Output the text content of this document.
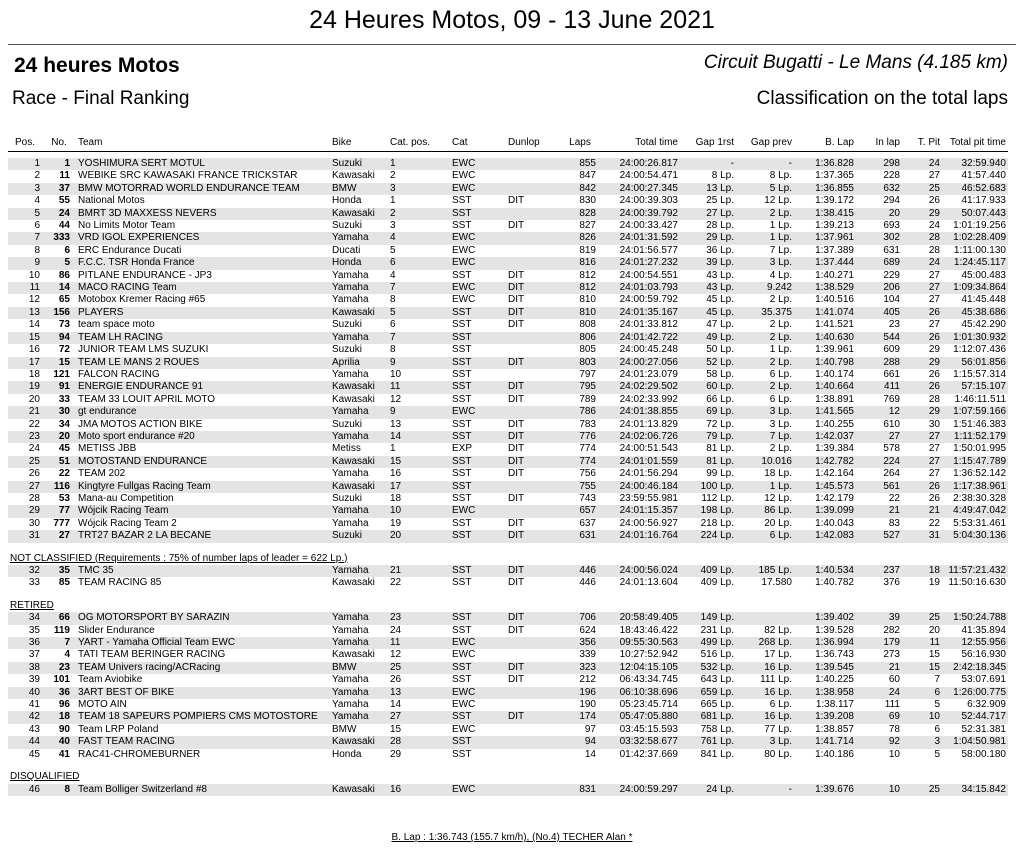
24 Heures Motos, 09 - 13 June 2021
24 heures Motos	Circuit Bugatti - Le Mans (4.185 km)
Race - Final Ranking	Classification on the total laps
Pos.	No.	Team	Bike	Cat. pos.	Cat	Dunlop	Laps	Total time	Gap 1rst	Gap prev	B. Lap	In lap	T. Pit	Total pit time

1	1	YOSHIMURA SERT MOTUL	Suzuki	1	EWC		855	24:00:26.817	-	-	1:36.828	298	24	32:59.940
2	11	WEBIKE SRC KAWASAKI FRANCE TRICKSTAR	Kawasaki	2	EWC		847	24:00:54.471	8 Lp.	8 Lp.	1:37.365	228	27	41:57.440
3	37	BMW MOTORRAD WORLD ENDURANCE TEAM	BMW	3	EWC		842	24:00:27.345	13 Lp.	5 Lp.	1:36.855	632	25	46:52.683
4	55	National Motos	Honda	1	SST	DIT	830	24:00:39.303	25 Lp.	12 Lp.	1:39.172	294	26	41:17.933
5	24	BMRT 3D MAXXESS NEVERS	Kawasaki	2	SST		828	24:00:39.792	27 Lp.	2 Lp.	1:38.415	20	29	50:07.443
6	44	No Limits Motor Team	Suzuki	3	SST	DIT	827	24:00:33.427	28 Lp.	1 Lp.	1:39.213	693	24	1:01:19.256
7	333	VRD IGOL EXPÉRIENCES	Yamaha	4	EWC		826	24:01:31.592	29 Lp.	1 Lp.	1:37.961	302	28	1:02:28.409
8	6	ERC Endurance Ducati	Ducati	5	EWC		819	24:01:56.577	36 Lp.	7 Lp.	1:37.389	631	28	1:11:00.130
9	5	F.C.C. TSR Honda France	Honda	6	EWC		816	24:01:27.232	39 Lp.	3 Lp.	1:37.444	689	24	1:24:45.117
10	86	PITLANE ENDURANCE - JP3	Yamaha	4	SST	DIT	812	24:00:54.551	43 Lp.	4 Lp.	1:40.271	229	27	45:00.483
11	14	MACO RACING Team	Yamaha	7	EWC	DIT	812	24:01:03.793	43 Lp.	9.242	1:38.529	206	27	1:09:34.864
12	65	Motobox Kremer Racing #65	Yamaha	8	EWC	DIT	810	24:00:59.792	45 Lp.	2 Lp.	1:40.516	104	27	41:45.448
13	156	PLAYERS	Kawasaki	5	SST	DIT	810	24:01:35.167	45 Lp.	35.375	1:41.074	405	26	45:38.686
14	73	team space moto	Suzuki	6	SST	DIT	808	24:01:33.812	47 Lp.	2 Lp.	1:41.521	23	27	45:42.290
15	94	TEAM LH RACING	Yamaha	7	SST		806	24:01:42.722	49 Lp.	2 Lp.	1:40.630	544	26	1:01:30.932
16	72	JUNIOR TEAM LMS SUZUKI	Suzuki	8	SST		805	24:00:45.248	50 Lp.	1 Lp.	1:39.961	609	29	1:12:07.436
17	15	TEAM LE MANS 2 ROUES	Aprilia	9	SST	DIT	803	24:00:27.056	52 Lp.	2 Lp.	1:40.798	288	29	56:01.856
18	121	FALCON RACING	Yamaha	10	SST		797	24:01:23.079	58 Lp.	6 Lp.	1:40.174	661	26	1:15:57.314
19	91	ENERGIE ENDURANCE 91	Kawasaki	11	SST	DIT	795	24:02:29.502	60 Lp.	2 Lp.	1:40.664	411	26	57:15.107
20	33	TEAM 33 LOUIT APRIL MOTO	Kawasaki	12	SST	DIT	789	24:02:33.992	66 Lp.	6 Lp.	1:38.891	769	28	1:46:11.511
21	30	gt endurance	Yamaha	9	EWC		786	24:01:38.855	69 Lp.	3 Lp.	1:41.565	12	29	1:07:59.166
22	34	JMA MOTOS ACTION BIKE	Suzuki	13	SST	DIT	783	24:01:13.829	72 Lp.	3 Lp.	1:40.255	610	30	1:51:46.383
23	20	Moto sport endurance #20	Yamaha	14	SST	DIT	776	24:02:06.726	79 Lp.	7 Lp.	1:42.037	27	27	1:11:52.179
24	45	METISS JBB	Metiss	1	EXP	DIT	774	24:00:51.543	81 Lp.	2 Lp.	1:39.384	578	27	1:50:01.995
25	51	MOTOSTAND ENDURANCE	Kawasaki	15	SST	DIT	774	24:01:01.559	81 Lp.	10.016	1:42.782	224	27	1:15:47.789
26	22	TEAM 202	Yamaha	16	SST	DIT	756	24:01:56.294	99 Lp.	18 Lp.	1:42.164	264	27	1:36:52.142
27	116	Kingtyre Fullgas Racing Team	Kawasaki	17	SST		755	24:00:46.184	100 Lp.	1 Lp.	1:45.573	561	26	1:17:38.961
28	53	Mana-au Competition	Suzuki	18	SST	DIT	743	23:59:55.981	112 Lp.	12 Lp.	1:42.179	22	26	2:38:30.328
29	77	Wójcik Racing Team	Yamaha	10	EWC		657	24:01:15.357	198 Lp.	86 Lp.	1:39.099	21	21	4:49:47.042
30	777	Wójcik Racing Team 2	Yamaha	19	SST	DIT	637	24:00:56.927	218 Lp.	20 Lp.	1:40.043	83	22	5:53:31.461
31	27	TRT27 BAZAR 2 LA BECANE	Suzuki	20	SST	DIT	631	24:01:16.764	224 Lp.	6 Lp.	1:42.083	527	31	5:04:30.136

NOT CLASSIFIED (Requirements : 75% of number laps of leader = 622 Lp.)														
32	35	TMC 35	Yamaha	21	SST	DIT	446	24:00:56.024	409 Lp.	185 Lp.	1:40.534	237	18	11:57:21.432
33	85	TEAM RACING 85	Kawasaki	22	SST	DIT	446	24:01:13.604	409 Lp.	17.580	1:40.782	376	19	11:50:16.630

RETIRED														
34	66	OG MOTORSPORT BY SARAZIN	Yamaha	23	SST	DIT	706	20:58:49.405	149 Lp.		1:39.402	39	25	1:50:24.788
35	119	Slider Endurance	Yamaha	24	SST	DIT	624	18:43:46.422	231 Lp.	82 Lp.	1:39.528	282	20	41:35.894
36	7	YART - Yamaha Official Team EWC	Yamaha	11	EWC		356	09:55:30.563	499 Lp.	268 Lp.	1:36.994	179	11	12:55.956
37	4	TATI TEAM BERINGER RACING	Kawasaki	12	EWC		339	10:27:52.942	516 Lp.	17 Lp.	1:36.743	273	15	56:16.930
38	23	TEAM Univers racing/ACRacing	BMW	25	SST	DIT	323	12:04:15.105	532 Lp.	16 Lp.	1:39.545	21	15	2:42:18.345
39	101	Team Aviobike	Yamaha	26	SST	DIT	212	06:43:34.745	643 Lp.	111 Lp.	1:40.225	60	7	53:07.691
40	36	3ART BEST OF BIKE	Yamaha	13	EWC		196	06:10:38.696	659 Lp.	16 Lp.	1:38.958	24	6	1:26:00.775
41	96	MOTO AIN	Yamaha	14	EWC		190	05:23:45.714	665 Lp.	6 Lp.	1:38.117	111	5	6:32.909
42	18	TEAM 18 SAPEURS POMPIERS CMS MOTOSTORE	Yamaha	27	SST	DIT	174	05:47:05.880	681 Lp.	16 Lp.	1:39.208	69	10	52:44.717
43	90	Team LRP Poland	BMW	15	EWC		97	03:45:15.593	758 Lp.	77 Lp.	1:38.857	78	6	52:31.381
44	40	FAST TEAM RACING	Kawasaki	28	SST		94	03:32:58.677	761 Lp.	3 Lp.	1:41.714	92	3	1:04:50.981
45	41	RAC41-CHROMEBURNER	Honda	29	SST		14	01:42:37.669	841 Lp.	80 Lp.	1:40.186	10	5	58:00.180

DISQUALIFIED														
46	8	Team Bolliger Switzerland #8	Kawasaki	16	EWC		831	24:00:59.297	24 Lp.	-	1:39.676	10	25	34:15.842
B. Lap : 1:36.743 (155.7 km/h), (No.4) TECHER Alan *
